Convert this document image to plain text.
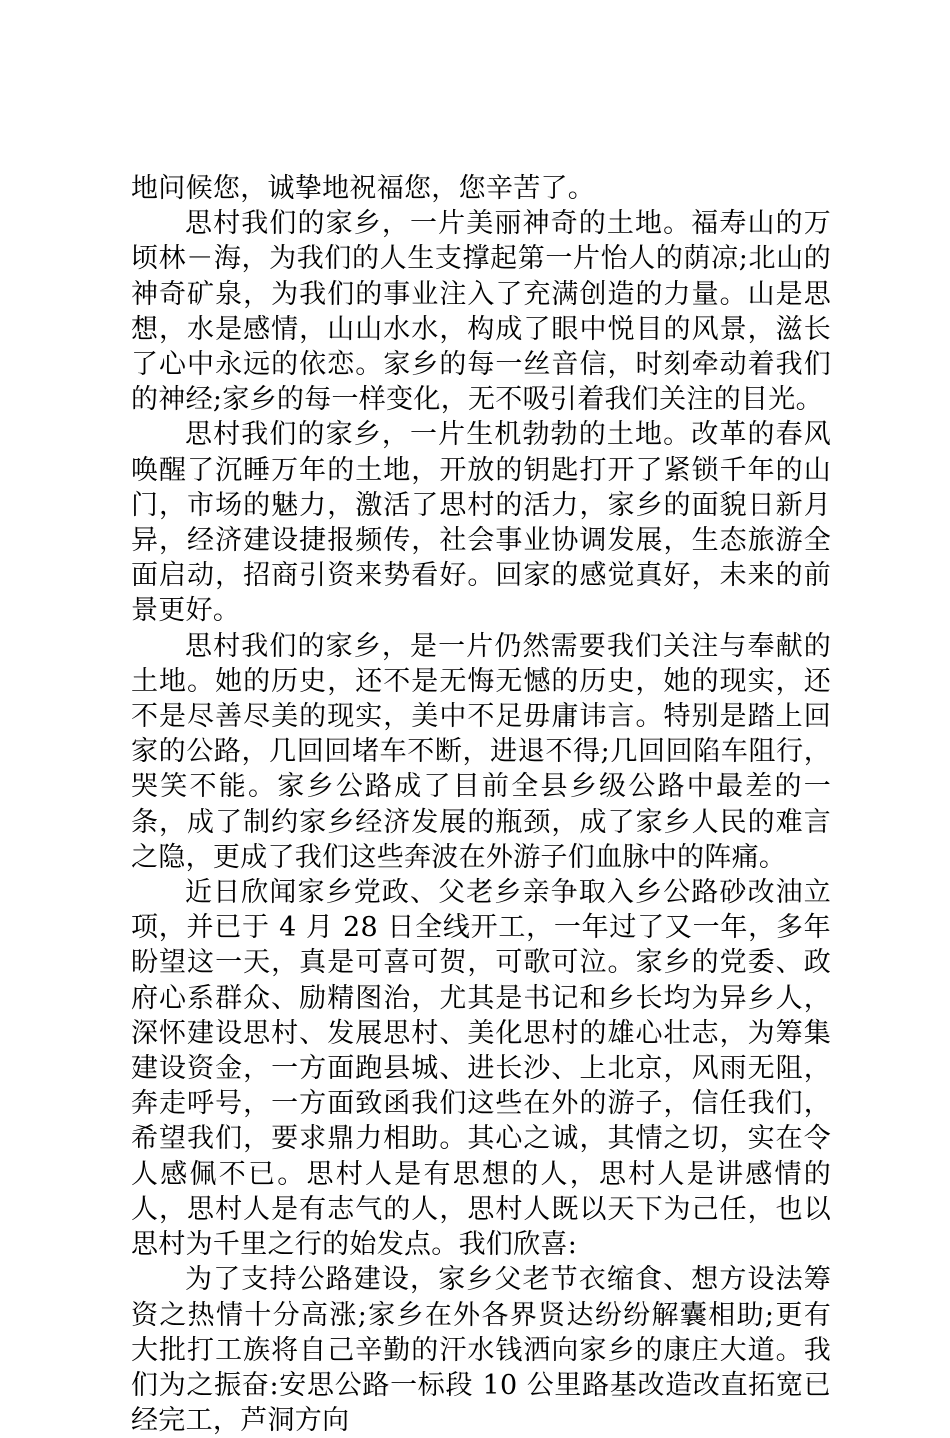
地问候您，诚挚地祝福您，您辛苦了。

思村我们的家乡，一片美丽神奇的土地。福寿山的万顷林－海，为我们的人生支撑起第一片怡人的荫凉;北山的神奇矿泉，为我们的事业注入了充满创造的力量。山是思想，水是感情，山山水水，构成了眼中悦目的风景，滋长了心中永远的依恋。家乡的每一丝音信，时刻牵动着我们的神经;家乡的每一样变化，无不吸引着我们关注的目光。

思村我们的家乡，一片生机勃勃的土地。改革的春风唤醒了沉睡万年的土地，开放的钥匙打开了紧锁千年的山门，市场的魅力，激活了思村的活力，家乡的面貌日新月异，经济建设捷报频传，社会事业协调发展，生态旅游全面启动，招商引资来势看好。回家的感觉真好，未来的前景更好。

思村我们的家乡，是一片仍然需要我们关注与奉献的土地。她的历史，还不是无悔无憾的历史，她的现实，还不是尽善尽美的现实，美中不足毋庸讳言。特别是踏上回家的公路，几回回堵车不断，进退不得;几回回陷车阻行，哭笑不能。家乡公路成了目前全县乡级公路中最差的一条，成了制约家乡经济发展的瓶颈，成了家乡人民的难言之隐，更成了我们这些奔波在外游子们血脉中的阵痛。

近日欣闻家乡党政、父老乡亲争取入乡公路砂改油立项，并已于 4 月 28 日全线开工，一年过了又一年，多年盼望这一天，真是可喜可贺，可歌可泣。家乡的党委、政府心系群众、励精图治，尤其是书记和乡长均为异乡人，深怀建设思村、发展思村、美化思村的雄心壮志，为筹集建设资金，一方面跑县城、进长沙、上北京，风雨无阻，奔走呼号，一方面致函我们这些在外的游子，信任我们，希望我们，要求鼎力相助。其心之诚，其情之切，实在令人感佩不已。思村人是有思想的人，思村人是讲感情的人，思村人是有志气的人，思村人既以天下为己任，也以思村为千里之行的始发点。我们欣喜:

为了支持公路建设，家乡父老节衣缩食、想方设法筹资之热情十分高涨;家乡在外各界贤达纷纷解囊相助;更有大批打工族将自己辛勤的汗水钱洒向家乡的康庄大道。我们为之振奋:安思公路一标段 10 公里路基改造改直拓宽已经完工，芦洞方向
